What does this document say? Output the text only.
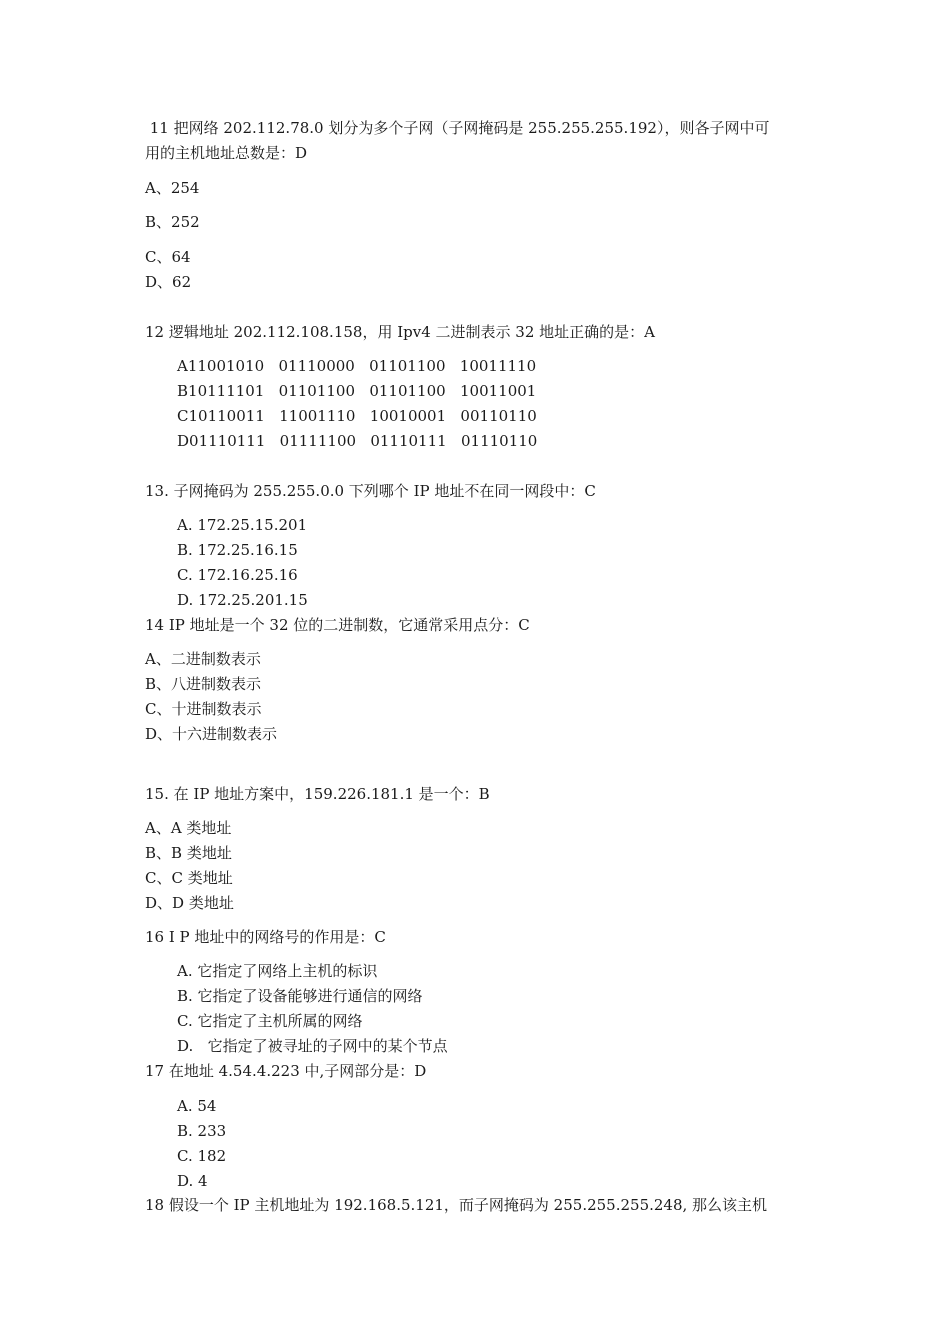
11 把网络 202.112.78.0 划分为多个子网（子网掩码是 255.255.255.192），则各子网中可
用的主机地址总数是：D
A、254
B、252
C、64
D、62
12 逻辑地址 202.112.108.158，用 Ipv4 二进制表示 32 地址正确的是：A
A11001010   01110000   01101100   10011110
B10111101   01101100   01101100   10011001
C10110011   11001110   10010001   00110110
D01110111   01111100   01110111   01110110
13. 子网掩码为 255.255.0.0 下列哪个 IP 地址不在同一网段中：C
A. 172.25.15.201
B. 172.25.16.15
C. 172.16.25.16
D. 172.25.201.15
14 IP 地址是一个 32 位的二进制数，它通常采用点分：C
A、二进制数表示
B、八进制数表示
C、十进制数表示
D、十六进制数表示
15. 在 IP 地址方案中，159.226.181.1 是一个：B
A、A 类地址
B、B 类地址
C、C 类地址
D、D 类地址
16 I P 地址中的网络号的作用是：C
A. 它指定了网络上主机的标识
B. 它指定了设备能够进行通信的网络
C. 它指定了主机所属的网络
D.   它指定了被寻址的子网中的某个节点
17 在地址 4.54.4.223 中,子网部分是：D
A. 54
B. 233
C. 182
D. 4
18 假设一个 IP 主机地址为 192.168.5.121，而子网掩码为 255.255.255.248, 那么该主机
